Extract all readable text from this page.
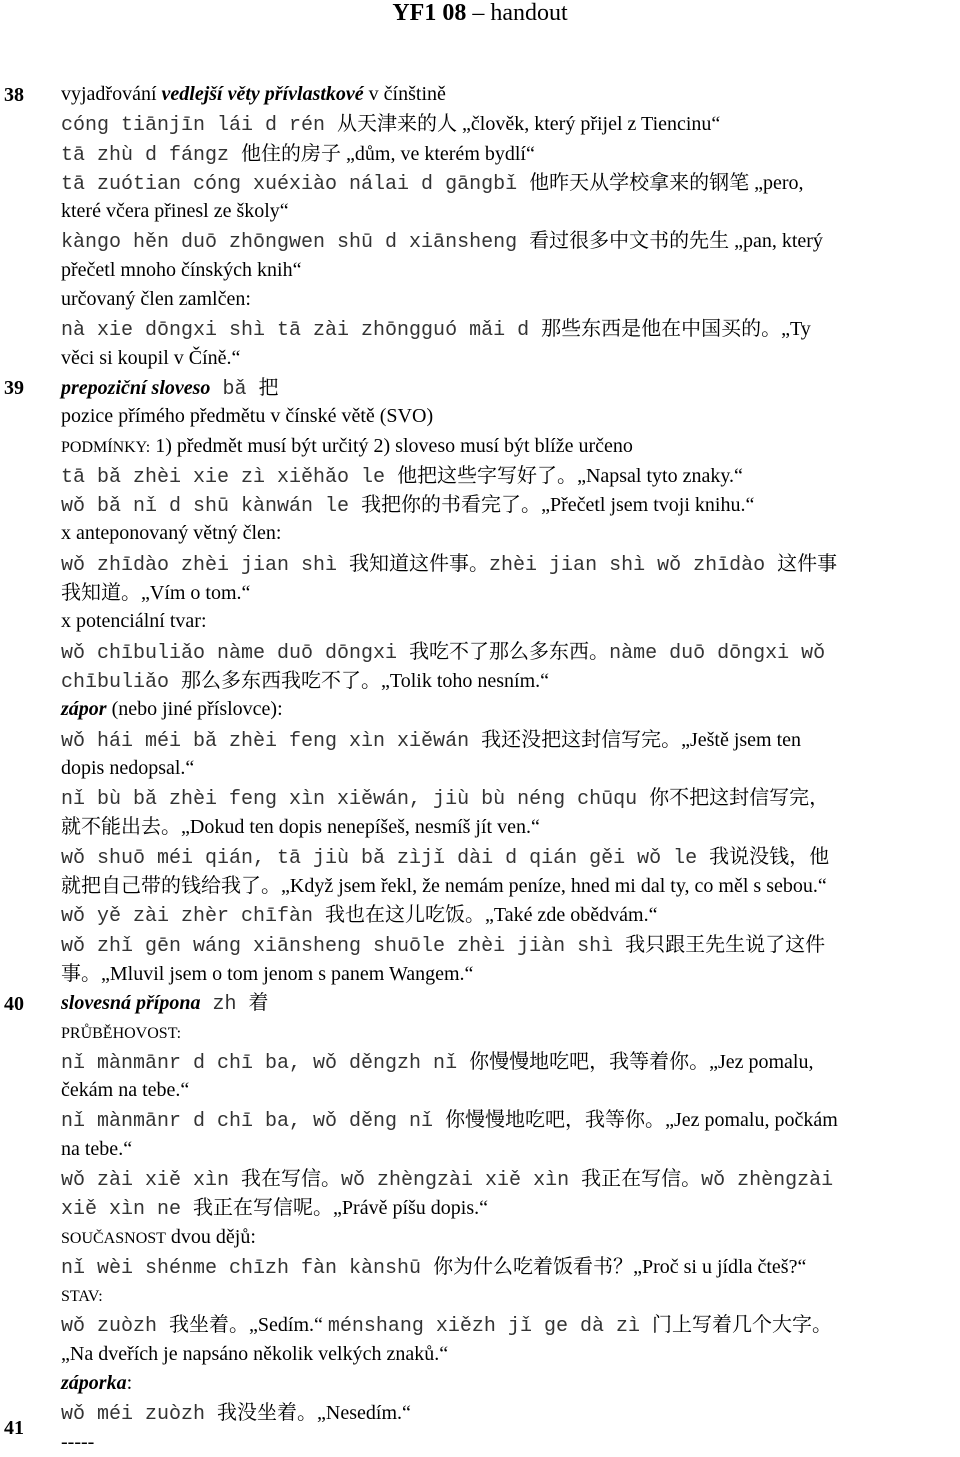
YF1 08 – handout
38
39
40
41
vyjadřování vedlejší věty přívlastkové v čínštině
cóng tiānjīn lái d rén 从天津来的人 „člověk, který přijel z Tiencinu“
tā zhù d fángz 他住的房子 „dům, ve kterém bydlí“
tā zuótian cóng xuéxiào nálai d gāngbǐ 他昨天从学校拿来的钢笔 „pero,
které včera přinesl ze školy“
kàngo hěn duō zhōngwen shū d xiānsheng 看过很多中文书的先生 „pan, který
přečetl mnoho čínských knih“
určovaný člen zamlčen:
nà xie dōngxi shì tā zài zhōngguó mǎi d 那些东西是他在中国买的。„Ty
věci si koupil v Číně.“
prepoziční sloveso bǎ 把
pozice přímého předmětu v čínské větě (SVO)
PODMÍNKY: 1) předmět musí být určitý 2) sloveso musí být blíže určeno
tā bǎ zhèi xie zì xiěhǎo le 他把这些字写好了。„Napsal tyto znaky.“
wǒ bǎ nǐ d shū kànwán le 我把你的书看完了。„Přečetl jsem tvoji knihu.“
x anteponovaný větný člen:
wǒ zhīdào zhèi jian shì 我知道这件事。zhèi jian shì wǒ zhīdào 这件事
我知道。„Vím o tom.“
x potenciální tvar:
wǒ chībuliǎo nàme duō dōngxi 我吃不了那么多东西。nàme duō dōngxi wǒ
chībuliǎo 那么多东西我吃不了。„Tolik toho nesním.“
zápor (nebo jiné příslovce):
wǒ hái méi bǎ zhèi feng xìn xiěwán 我还没把这封信写完。„Ještě jsem ten
dopis nedopsal.“
nǐ bù bǎ zhèi feng xìn xiěwán, jiù bù néng chūqu 你不把这封信写完，
就不能出去。„Dokud ten dopis nenepíšeš, nesmíš jít ven.“
wǒ shuō méi qián, tā jiù bǎ zìjǐ dài d qián gěi wǒ le 我说没钱，他
就把自己带的钱给我了。„Když jsem řekl, že nemám peníze, hned mi dal ty, co měl s sebou.“
wǒ yě zài zhèr chīfàn 我也在这儿吃饭。„Také zde obědvám.“
wǒ zhǐ gēn wáng xiānsheng shuōle zhèi jiàn shì 我只跟王先生说了这件
事。„Mluvil jsem o tom jenom s panem Wangem.“
slovesná přípona zh 着
PRŮBĚHOVOST:
nǐ mànmānr d chī ba, wǒ děngzh nǐ 你慢慢地吃吧，我等着你。„Jez pomalu,
čekám na tebe.“
nǐ mànmānr d chī ba, wǒ děng nǐ 你慢慢地吃吧，我等你。„Jez pomalu, počkám
na tebe.“
wǒ zài xiě xìn 我在写信。wǒ zhèngzài xiě xìn 我正在写信。wǒ zhèngzài
xiě xìn ne 我正在写信呢。„Právě píšu dopis.“
SOUČASNOST dvou dějů:
nǐ wèi shénme chīzh fàn kànshū 你为什么吃着饭看书？„Proč si u jídla čteš?“
STAV:
wǒ zuòzh 我坐着。„Sedím.“ ménshang xiězh jǐ ge dà zì 门上写着几个大字。
„Na dveřích je napsáno několik velkých znaků.“
záporka:
wǒ méi zuòzh 我没坐着。„Nesedím.“
-----
